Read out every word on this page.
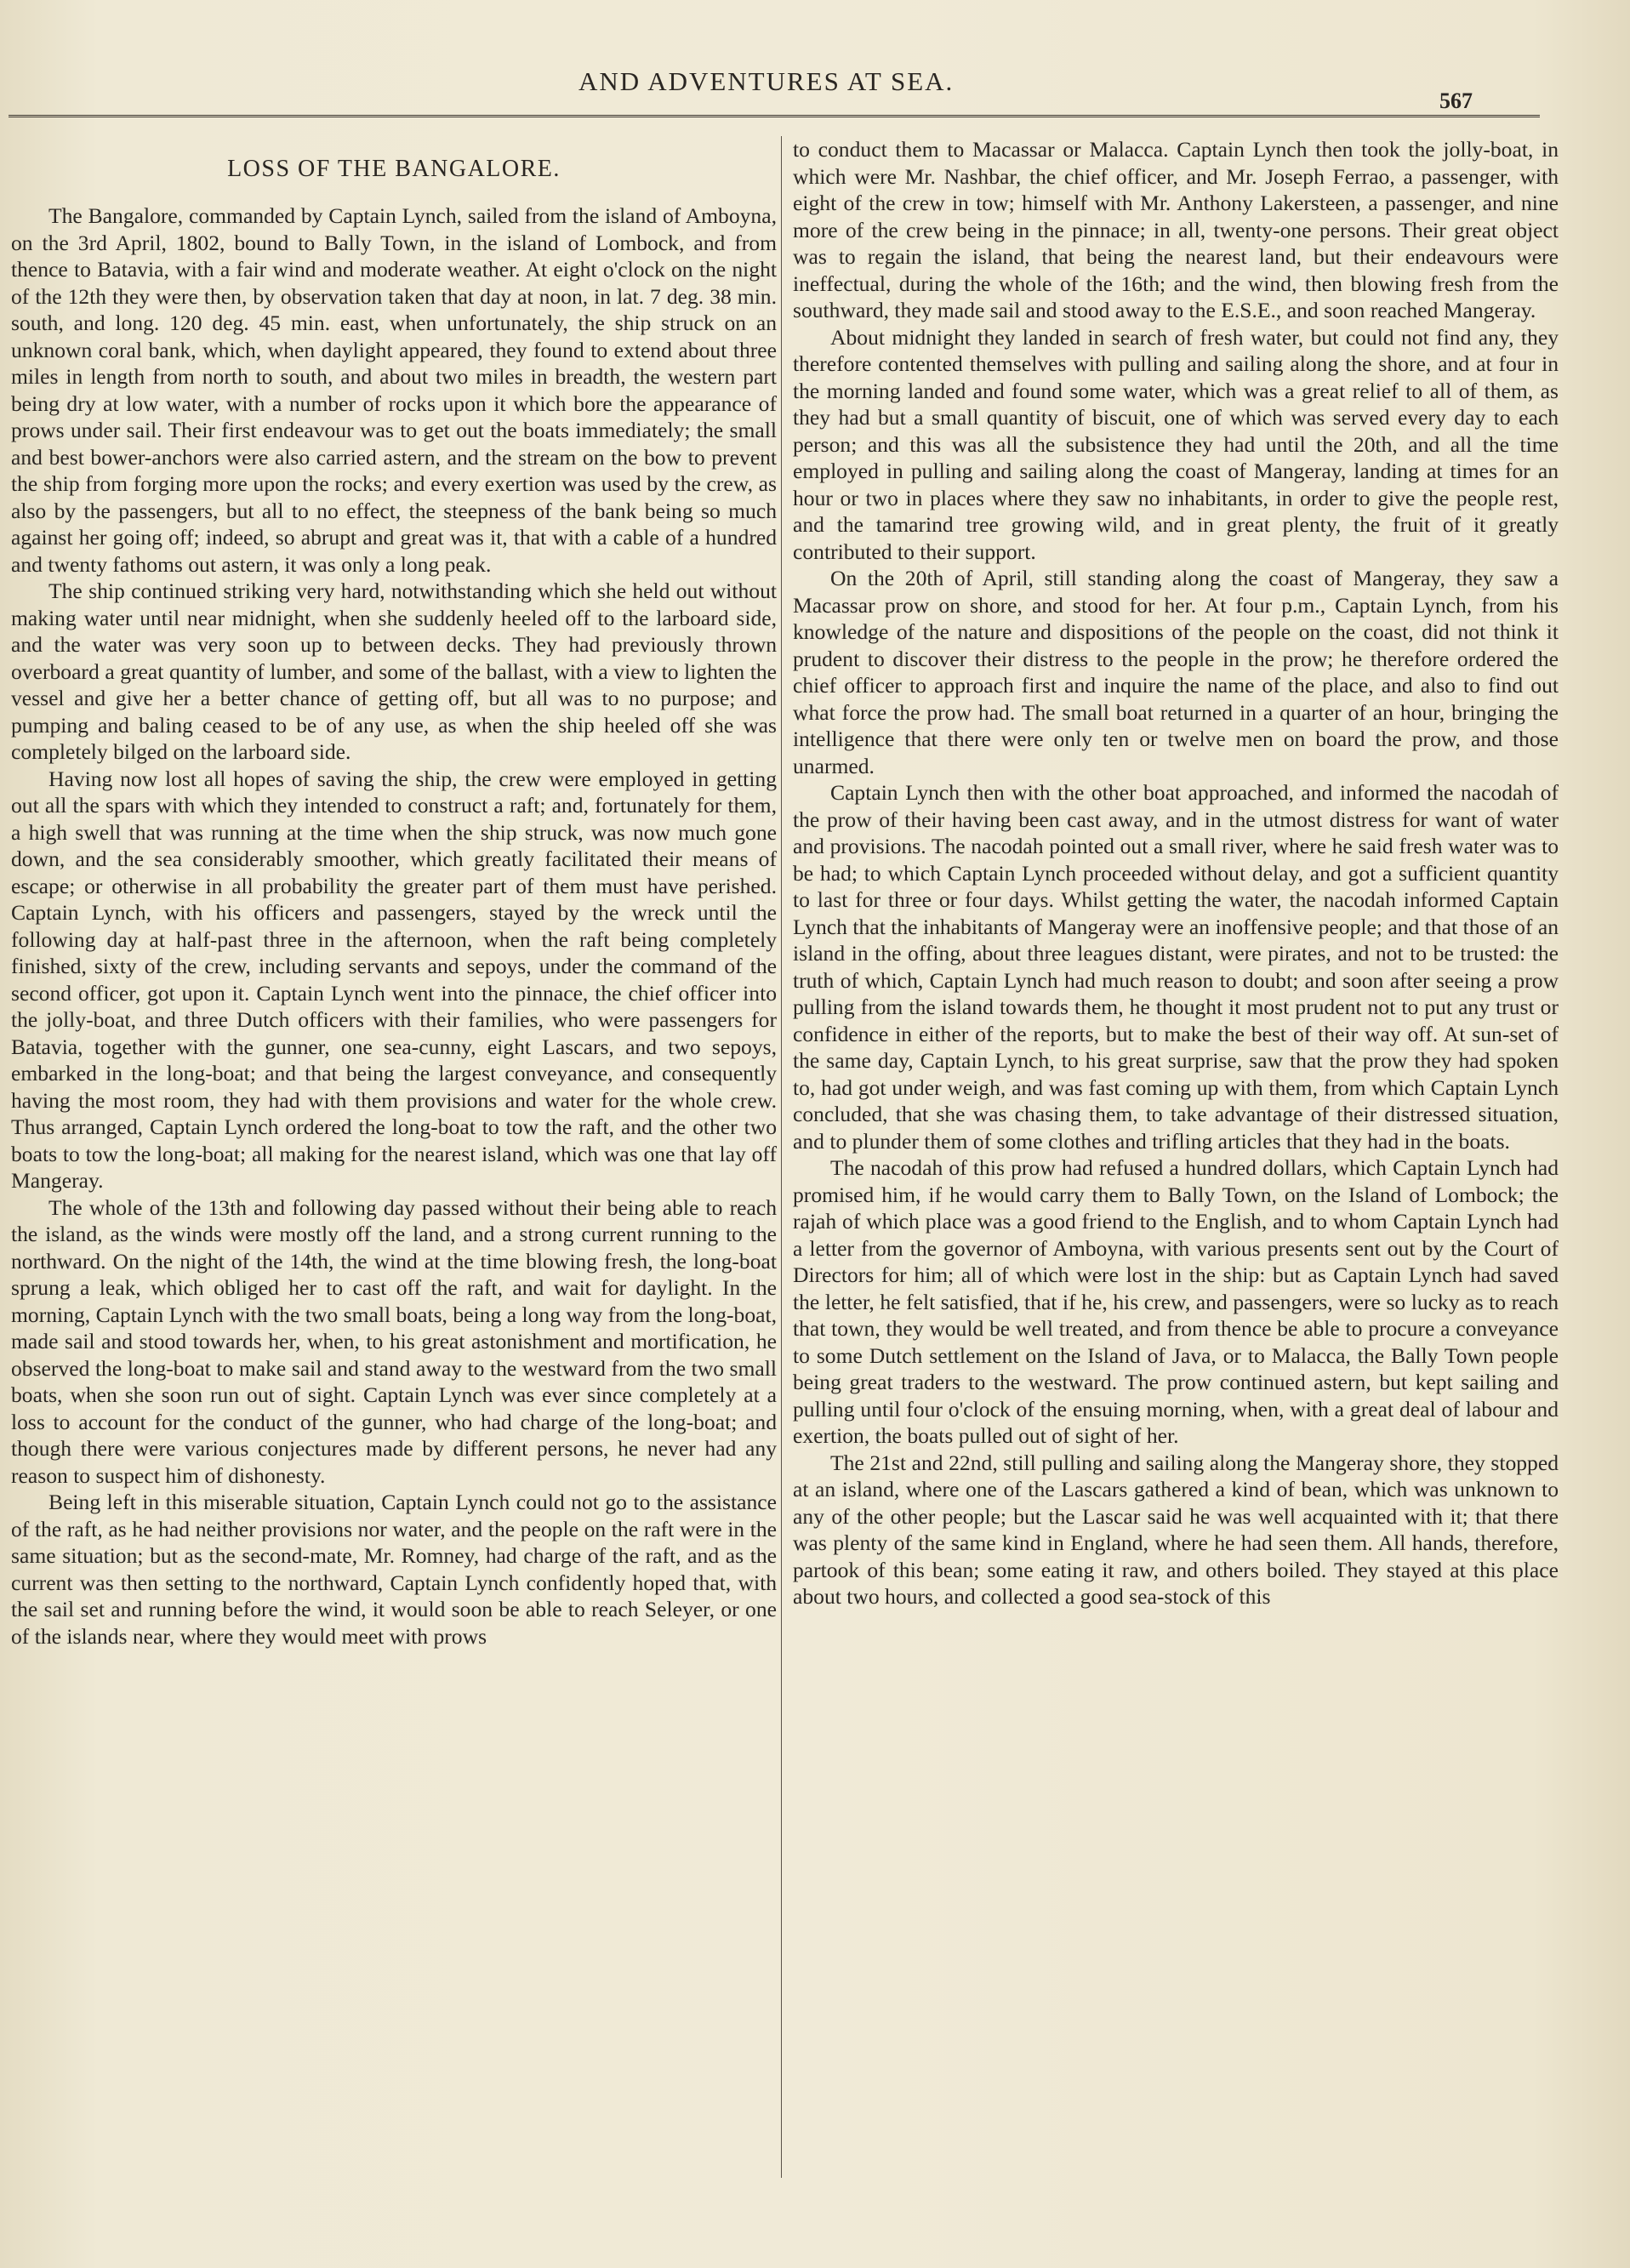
AND ADVENTURES AT SEA.
567
LOSS OF THE BANGALORE.

The Bangalore, commanded by Captain Lynch, sailed from the island of Amboyna, on the 3rd April, 1802, bound to Bally Town, in the island of Lombock, and from thence to Batavia, with a fair wind and moderate weather. At eight o'clock on the night of the 12th they were then, by observation taken that day at noon, in lat. 7 deg. 38 min. south, and long. 120 deg. 45 min. east, when unfortunately, the ship struck on an unknown coral bank, which, when daylight appeared, they found to extend about three miles in length from north to south, and about two miles in breadth, the western part being dry at low water, with a number of rocks upon it which bore the appearance of prows under sail. Their first endeavour was to get out the boats immediately; the small and best bower-anchors were also carried astern, and the stream on the bow to prevent the ship from forging more upon the rocks; and every exertion was used by the crew, as also by the passengers, but all to no effect, the steepness of the bank being so much against her going off; indeed, so abrupt and great was it, that with a cable of a hundred and twenty fathoms out astern, it was only a long peak.

The ship continued striking very hard, notwithstanding which she held out without making water until near midnight, when she suddenly heeled off to the larboard side, and the water was very soon up to between decks. They had previously thrown overboard a great quantity of lumber, and some of the ballast, with a view to lighten the vessel and give her a better chance of getting off, but all was to no purpose; and pumping and baling ceased to be of any use, as when the ship heeled off she was completely bilged on the larboard side.

Having now lost all hopes of saving the ship, the crew were employed in getting out all the spars with which they intended to construct a raft; and, fortunately for them, a high swell that was running at the time when the ship struck, was now much gone down, and the sea considerably smoother, which greatly facilitated their means of escape; or otherwise in all probability the greater part of them must have perished. Captain Lynch, with his officers and passengers, stayed by the wreck until the following day at half-past three in the afternoon, when the raft being completely finished, sixty of the crew, including servants and sepoys, under the command of the second officer, got upon it. Captain Lynch went into the pinnace, the chief officer into the jolly-boat, and three Dutch officers with their families, who were passengers for Batavia, together with the gunner, one sea-cunny, eight Lascars, and two sepoys, embarked in the long-boat; and that being the largest conveyance, and consequently having the most room, they had with them provisions and water for the whole crew. Thus arranged, Captain Lynch ordered the long-boat to tow the raft, and the other two boats to tow the long-boat; all making for the nearest island, which was one that lay off Mangeray.

The whole of the 13th and following day passed without their being able to reach the island, as the winds were mostly off the land, and a strong current running to the northward. On the night of the 14th, the wind at the time blowing fresh, the long-boat sprung a leak, which obliged her to cast off the raft, and wait for daylight. In the morning, Captain Lynch with the two small boats, being a long way from the long-boat, made sail and stood towards her, when, to his great astonishment and mortification, he observed the long-boat to make sail and stand away to the westward from the two small boats, when she soon run out of sight. Captain Lynch was ever since completely at a loss to account for the conduct of the gunner, who had charge of the long-boat; and though there were various conjectures made by different persons, he never had any reason to suspect him of dishonesty.

Being left in this miserable situation, Captain Lynch could not go to the assistance of the raft, as he had neither provisions nor water, and the people on the raft were in the same situation; but as the second-mate, Mr. Romney, had charge of the raft, and as the current was then setting to the northward, Captain Lynch confidently hoped that, with the sail set and running before the wind, it would soon be able to reach Seleyer, or one of the islands near, where they would meet with prows

to conduct them to Macassar or Malacca. Captain Lynch then took the jolly-boat, in which were Mr. Nashbar, the chief officer, and Mr. Joseph Ferrao, a passenger, with eight of the crew in tow; himself with Mr. Anthony Lakersteen, a passenger, and nine more of the crew being in the pinnace; in all, twenty-one persons. Their great object was to regain the island, that being the nearest land, but their endeavours were ineffectual, during the whole of the 16th; and the wind, then blowing fresh from the southward, they made sail and stood away to the E.S.E., and soon reached Mangeray.

About midnight they landed in search of fresh water, but could not find any, they therefore contented themselves with pulling and sailing along the shore, and at four in the morning landed and found some water, which was a great relief to all of them, as they had but a small quantity of biscuit, one of which was served every day to each person; and this was all the subsistence they had until the 20th, and all the time employed in pulling and sailing along the coast of Mangeray, landing at times for an hour or two in places where they saw no inhabitants, in order to give the people rest, and the tamarind tree growing wild, and in great plenty, the fruit of it greatly contributed to their support.

On the 20th of April, still standing along the coast of Mangeray, they saw a Macassar prow on shore, and stood for her. At four p.m., Captain Lynch, from his knowledge of the nature and dispositions of the people on the coast, did not think it prudent to discover their distress to the people in the prow; he therefore ordered the chief officer to approach first and inquire the name of the place, and also to find out what force the prow had. The small boat returned in a quarter of an hour, bringing the intelligence that there were only ten or twelve men on board the prow, and those unarmed.

Captain Lynch then with the other boat approached, and informed the nacodah of the prow of their having been cast away, and in the utmost distress for want of water and provisions. The nacodah pointed out a small river, where he said fresh water was to be had; to which Captain Lynch proceeded without delay, and got a sufficient quantity to last for three or four days. Whilst getting the water, the nacodah informed Captain Lynch that the inhabitants of Mangeray were an inoffensive people; and that those of an island in the offing, about three leagues distant, were pirates, and not to be trusted: the truth of which, Captain Lynch had much reason to doubt; and soon after seeing a prow pulling from the island towards them, he thought it most prudent not to put any trust or confidence in either of the reports, but to make the best of their way off. At sun-set of the same day, Captain Lynch, to his great surprise, saw that the prow they had spoken to, had got under weigh, and was fast coming up with them, from which Captain Lynch concluded, that she was chasing them, to take advantage of their distressed situation, and to plunder them of some clothes and trifling articles that they had in the boats.

The nacodah of this prow had refused a hundred dollars, which Captain Lynch had promised him, if he would carry them to Bally Town, on the Island of Lombock; the rajah of which place was a good friend to the English, and to whom Captain Lynch had a letter from the governor of Amboyna, with various presents sent out by the Court of Directors for him; all of which were lost in the ship: but as Captain Lynch had saved the letter, he felt satisfied, that if he, his crew, and passengers, were so lucky as to reach that town, they would be well treated, and from thence be able to procure a conveyance to some Dutch settlement on the Island of Java, or to Malacca, the Bally Town people being great traders to the westward. The prow continued astern, but kept sailing and pulling until four o'clock of the ensuing morning, when, with a great deal of labour and exertion, the boats pulled out of sight of her.

The 21st and 22nd, still pulling and sailing along the Mangeray shore, they stopped at an island, where one of the Lascars gathered a kind of bean, which was unknown to any of the other people; but the Lascar said he was well acquainted with it; that there was plenty of the same kind in England, where he had seen them. All hands, therefore, partook of this bean; some eating it raw, and others boiled. They stayed at this place about two hours, and collected a good sea-stock of this
